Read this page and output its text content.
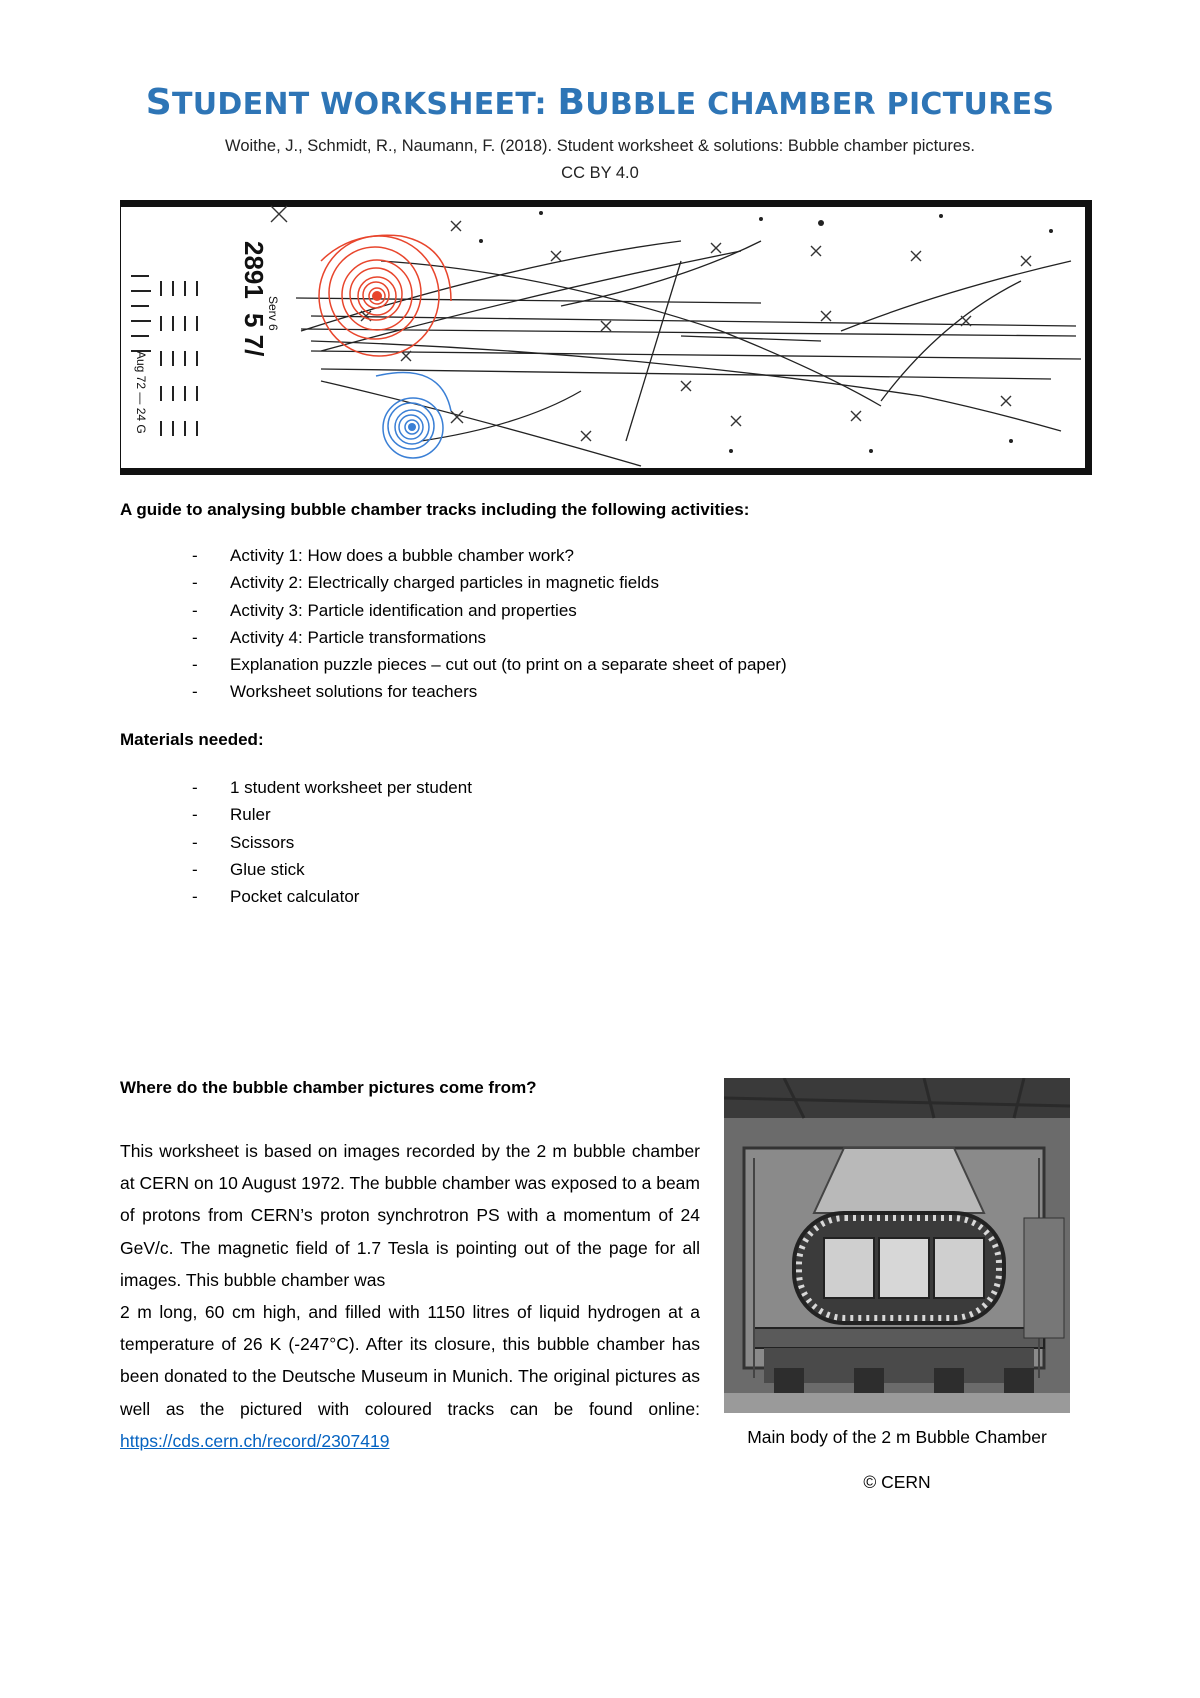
STUDENT WORKSHEET: BUBBLE CHAMBER PICTURES
Woithe, J., Schmidt, R., Naumann, F. (2018). Student worksheet & solutions: Bubble chamber pictures.
CC BY 4.0
2891
5 7/
Serv 6
Aug 72 — 24 G
A guide to analysing bubble chamber tracks including the following activities:
- Activity 1: How does a bubble chamber work?
- Activity 2: Electrically charged particles in magnetic fields
- Activity 3: Particle identification and properties
- Activity 4: Particle transformations
- Explanation puzzle pieces – cut out (to print on a separate sheet of paper)
- Worksheet solutions for teachers
Materials needed:
- 1 student worksheet per student
- Ruler
- Scissors
- Glue stick
- Pocket calculator
Where do the bubble chamber pictures come from?

This worksheet is based on images recorded by the 2 m bubble chamber at CERN on 10 August 1972. The bubble chamber was exposed to a beam of protons from CERN’s proton synchrotron PS with a momentum of 24 GeV/c. The magnetic field of 1.7 Tesla is pointing out of the page for all images. This bubble chamber was

2 m long, 60 cm high, and filled with 1150 litres of liquid hydrogen at a temperature of 26 K (-247°C). After its closure, this bubble chamber has been donated to the Deutsche Museum in Munich. The original pictures as well as the pictured with coloured tracks can be found online:

https://cds.cern.ch/record/2307419	Main body of the 2 m Bubble Chamber
© CERN
